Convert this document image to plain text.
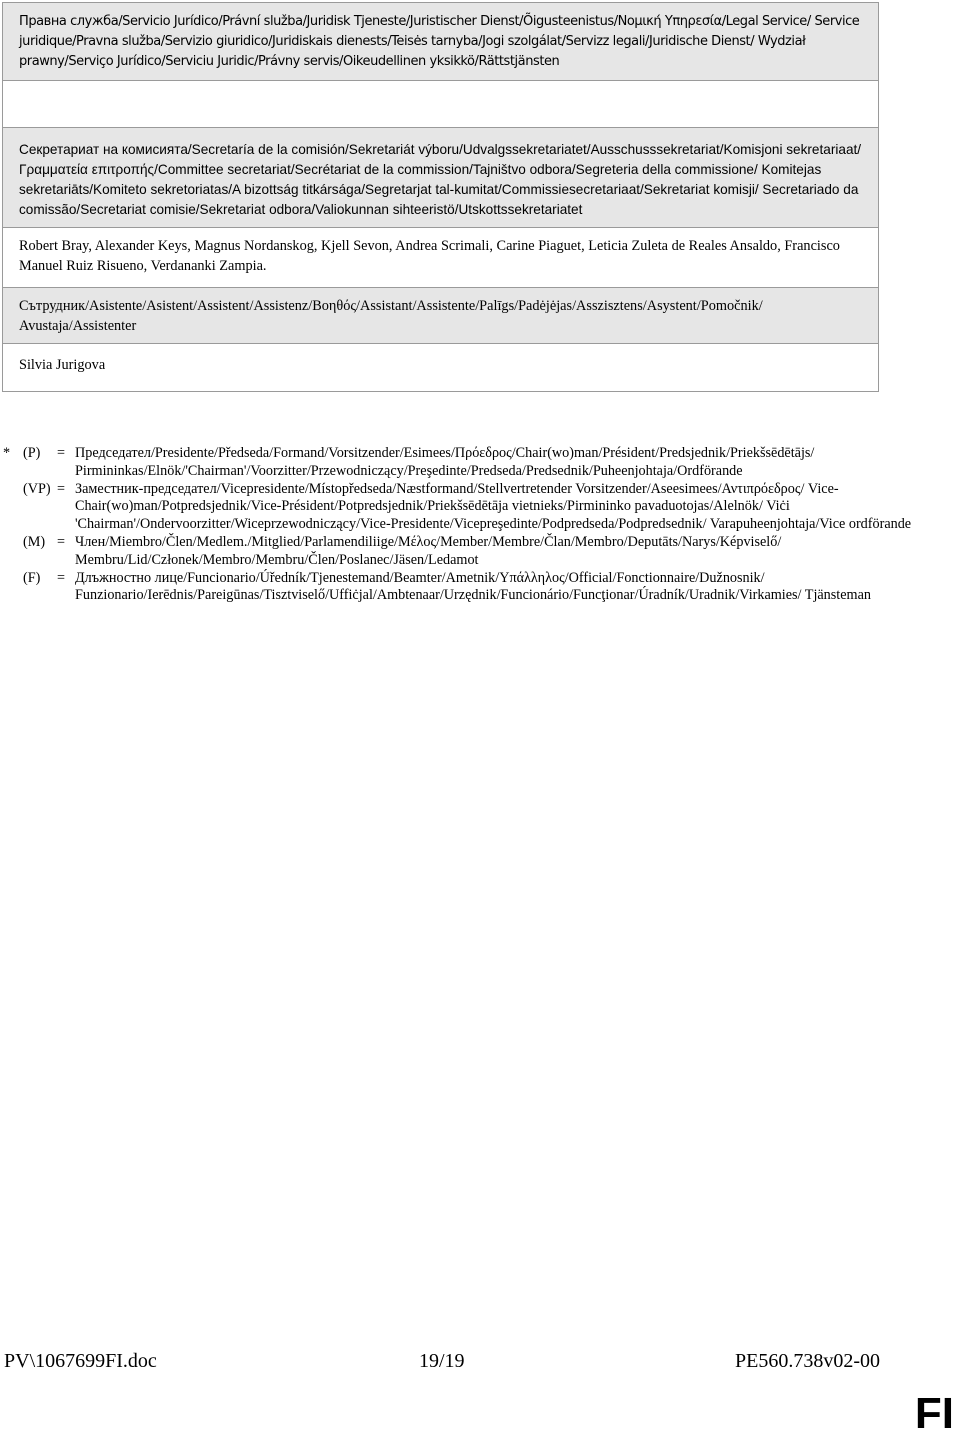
Правна служба/Servicio Jurídico/Právní služba/Juridisk Tjeneste/Juristischer Dienst/Õigusteenistus/Νομική Υπηρεσία/Legal Service/ Service juridique/Pravna služba/Servizio giuridico/Juridiskais dienests/Teisės tarnyba/Jogi szolgálat/Servizz legali/Juridische Dienst/ Wydział prawny/Serviço Jurídico/Serviciu Juridic/Právny servis/Oikeudellinen yksikkö/Rättstjänsten
Секретариат на комисията/Secretaría de la comisión/Sekretariát výboru/Udvalgssekretariatet/Ausschusssekretariat/Komisjoni sekretariaat/Γραμματεία επιτροπής/Committee secretariat/Secrétariat de la commission/Tajništvo odbora/Segreteria della commissione/ Komitejas sekretariāts/Komiteto sekretoriatas/A bizottság titkársága/Segretarjat tal-kumitat/Commissiesecretariaat/Sekretariat komisji/ Secretariado da comissão/Secretariat comisie/Sekretariat odbora/Valiokunnan sihteeristö/Utskottssekretariatet
Robert Bray, Alexander Keys, Magnus Nordanskog, Kjell Sevon, Andrea Scrimali, Carine Piaguet, Leticia Zuleta de Reales Ansaldo, Francisco Manuel Ruiz Risueno, Verdananki Zampia.
Сътрудник/Asistente/Asistent/Assistent/Assistenz/Βοηθός/Assistant/Assistente/Palīgs/Padėjėjas/Asszisztens/Asystent/Pomočnik/ Avustaja/Assistenter
Silvia Jurigova
* (P)	= Председател/Presidente/Předseda/Formand/Vorsitzender/Esimees/Πρόεδρος/Chair(wo)man/Président/Predsjednik/Priekšsēdētājs/ Pirmininkas/Elnök/'Chairman'/Voorzitter/Przewodniczący/Preşedinte/Predseda/Predsednik/Puheenjohtaja/Ordförande
(VP) = Заместник-председател/Vicepresidente/Místopředseda/Næstformand/Stellvertretender Vorsitzender/Aseesimees/Αντιπρόεδρος/ Vice-Chair(wo)man/Potpredsjednik/Vice-Président/Potpredsjednik/Priekšsēdētāja vietnieks/Pirmininko pavaduotojas/Alelnök/ Viċi 'Chairman'/Ondervoorzitter/Wiceprzewodniczący/Vice-Presidente/Vicepreşedinte/Podpredseda/Podpredsednik/ Varapuheenjohtaja/Vice ordförande
(M) = Член/Miembro/Člen/Medlem./Mitglied/Parlamendiliige/Μέλος/Member/Membre/Član/Membro/Deputāts/Narys/Képviselő/ Membru/Lid/Członek/Membro/Membru/Člen/Poslanec/Jäsen/Ledamot
(F)	= Длъжностно лице/Funcionario/Úředník/Tjenestemand/Beamter/Ametnik/Υπάλληλος/Official/Fonctionnaire/Dužnosnik/ Funzionario/Ierēdnis/Pareigūnas/Tisztviselő/Uffiċjal/Ambtenaar/Urzędnik/Funcionário/Funcţionar/Úradník/Uradnik/Virkamies/ Tjänsteman
PV\1067699FI.doc	19/19	PE560.738v02-00
FI
